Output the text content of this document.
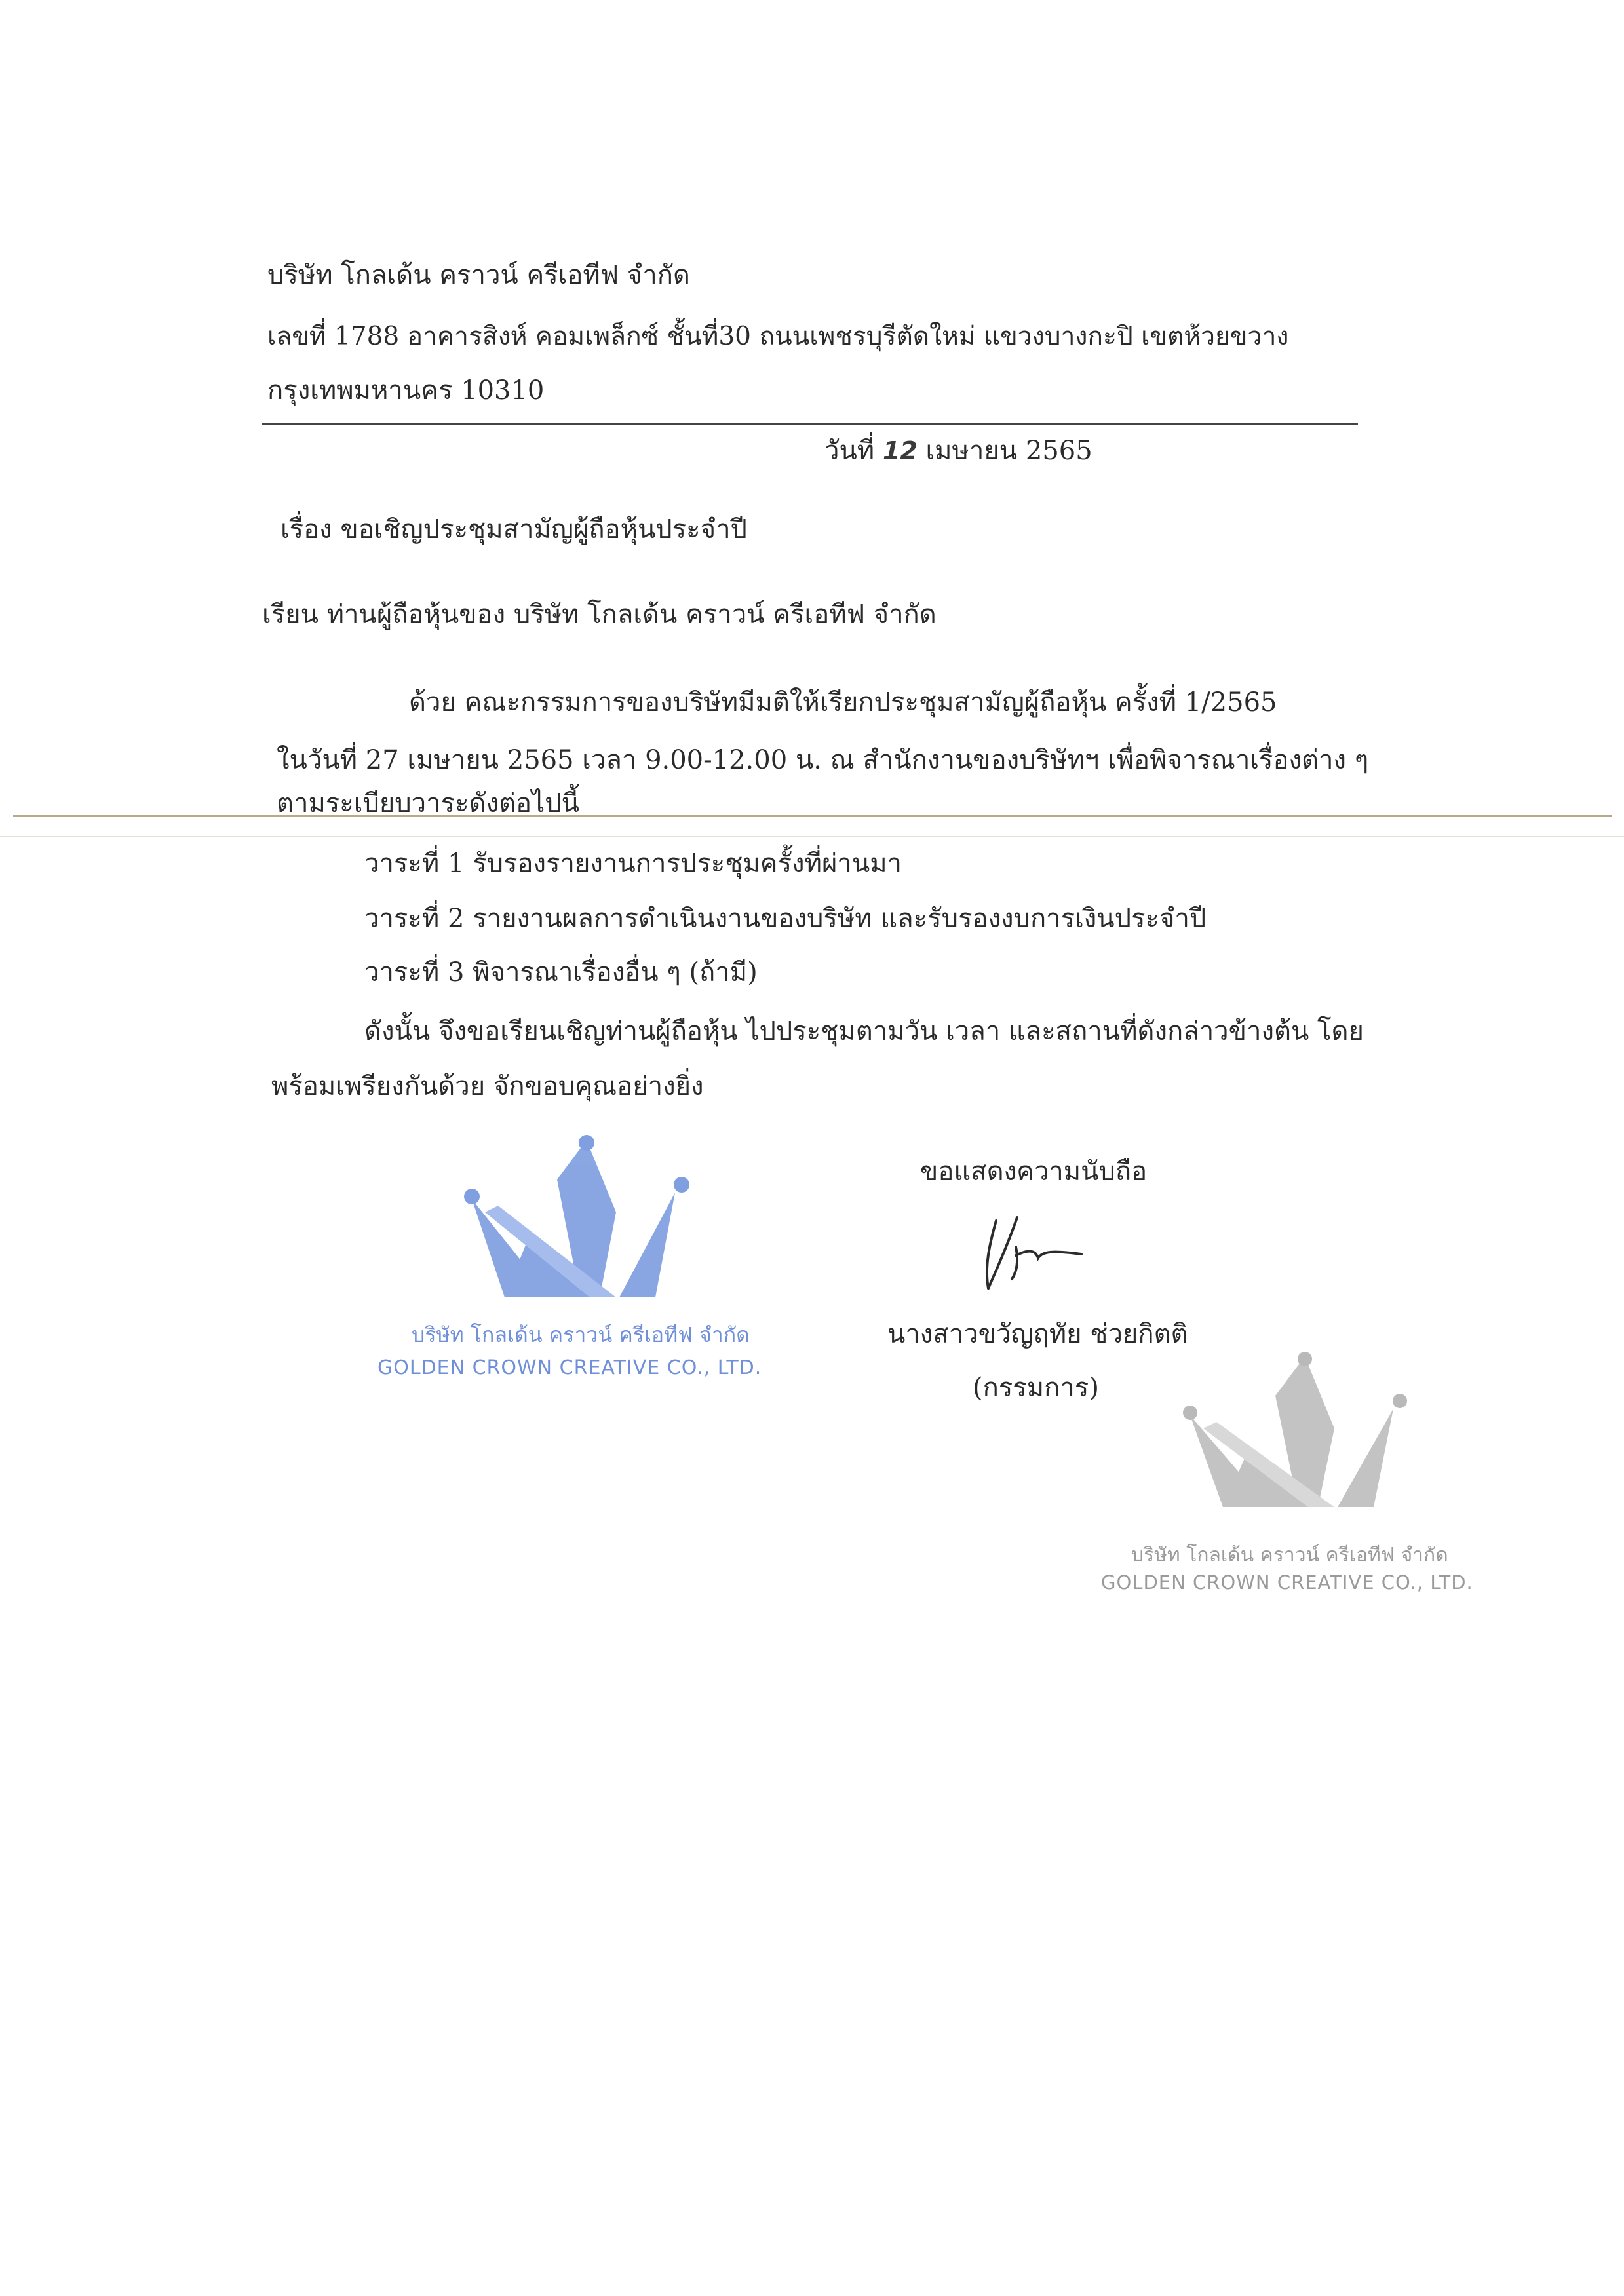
บริษัท โกลเด้น คราวน์ ครีเอทีฟ จำกัด
เลขที่ 1788 อาคารสิงห์ คอมเพล็กซ์ ชั้นที่30 ถนนเพชรบุรีตัดใหม่ แขวงบางกะปิ เขตห้วยขวาง
กรุงเทพมหานคร 10310
วันที่ 12 เมษายน 2565
เรื่อง ขอเชิญประชุมสามัญผู้ถือหุ้นประจำปี
เรียน ท่านผู้ถือหุ้นของ บริษัท โกลเด้น คราวน์ ครีเอทีฟ จำกัด
ด้วย คณะกรรมการของบริษัทมีมติให้เรียกประชุมสามัญผู้ถือหุ้น ครั้งที่ 1/2565
ในวันที่ 27 เมษายน 2565 เวลา 9.00-12.00 น. ณ สำนักงานของบริษัทฯ เพื่อพิจารณาเรื่องต่าง ๆ
ตามระเบียบวาระดังต่อไปนี้
วาระที่ 1 รับรองรายงานการประชุมครั้งที่ผ่านมา
วาระที่ 2 รายงานผลการดำเนินงานของบริษัท และรับรองงบการเงินประจำปี
วาระที่ 3 พิจารณาเรื่องอื่น ๆ (ถ้ามี)
ดังนั้น จึงขอเรียนเชิญท่านผู้ถือหุ้น ไปประชุมตามวัน เวลา และสถานที่ดังกล่าวข้างต้น โดย
พร้อมเพรียงกันด้วย จักขอบคุณอย่างยิ่ง
ขอแสดงความนับถือ
นางสาวขวัญฤทัย ช่วยกิตติ
(กรรมการ)
บริษัท โกลเด้น คราวน์ ครีเอทีฟ จำกัด
GOLDEN CROWN CREATIVE CO., LTD.
บริษัท โกลเด้น คราวน์ ครีเอทีฟ จำกัด
GOLDEN CROWN CREATIVE CO., LTD.
